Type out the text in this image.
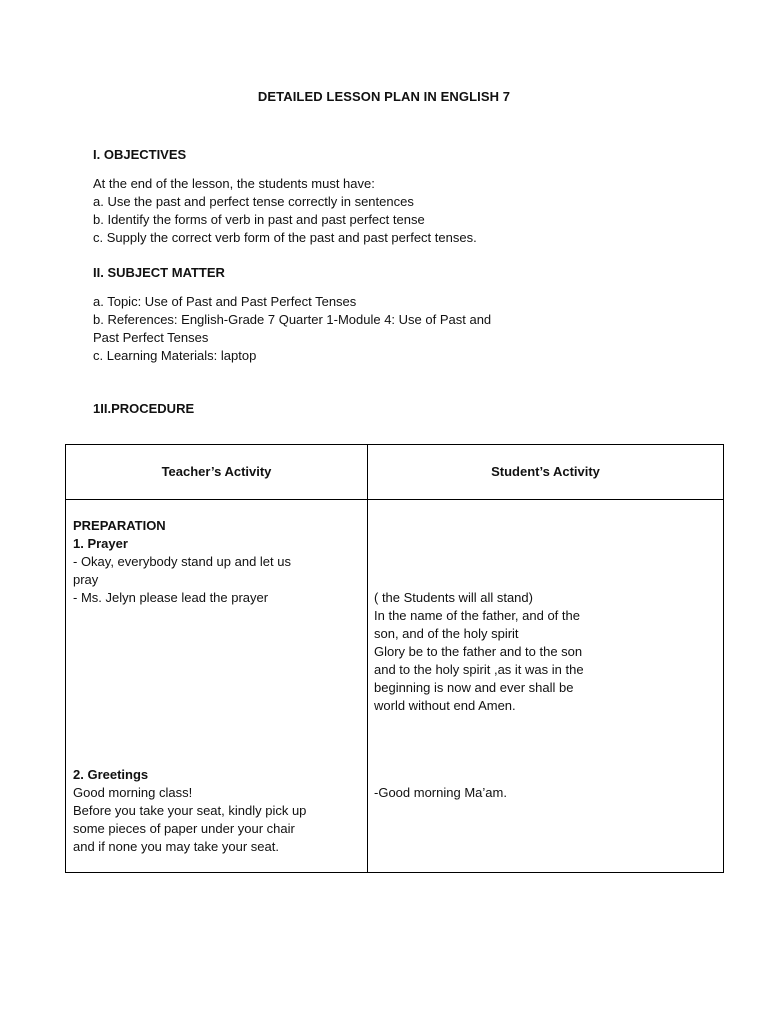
DETAILED LESSON PLAN IN ENGLISH 7
I. OBJECTIVES
At the end of the lesson, the students must have:
a. Use the past and perfect tense correctly in sentences
b. Identify the forms of verb in past and past perfect tense
c. Supply the correct verb form of the past and past perfect tenses.
II. SUBJECT MATTER
a. Topic: Use of Past and Past Perfect Tenses
b. References: English-Grade 7 Quarter 1-Module 4: Use of Past and
Past Perfect Tenses
c. Learning Materials: laptop
1II.PROCEDURE
Teacher’s Activity	Student’s Activity
PREPARATION
1. Prayer
- Okay, everybody stand up and let us
pray
- Ms. Jelyn please lead the prayer
2. Greetings
Good morning class!
Before you take your seat, kindly pick up
some pieces of paper under your chair
and if none you may take your seat.
( the Students will all stand)
In the name of the father, and of the
son, and of the holy spirit
Glory be to the father and to the son
and to the holy spirit ,as it was in the
beginning is now and ever shall be
world without end Amen.
-Good morning Ma’am.
